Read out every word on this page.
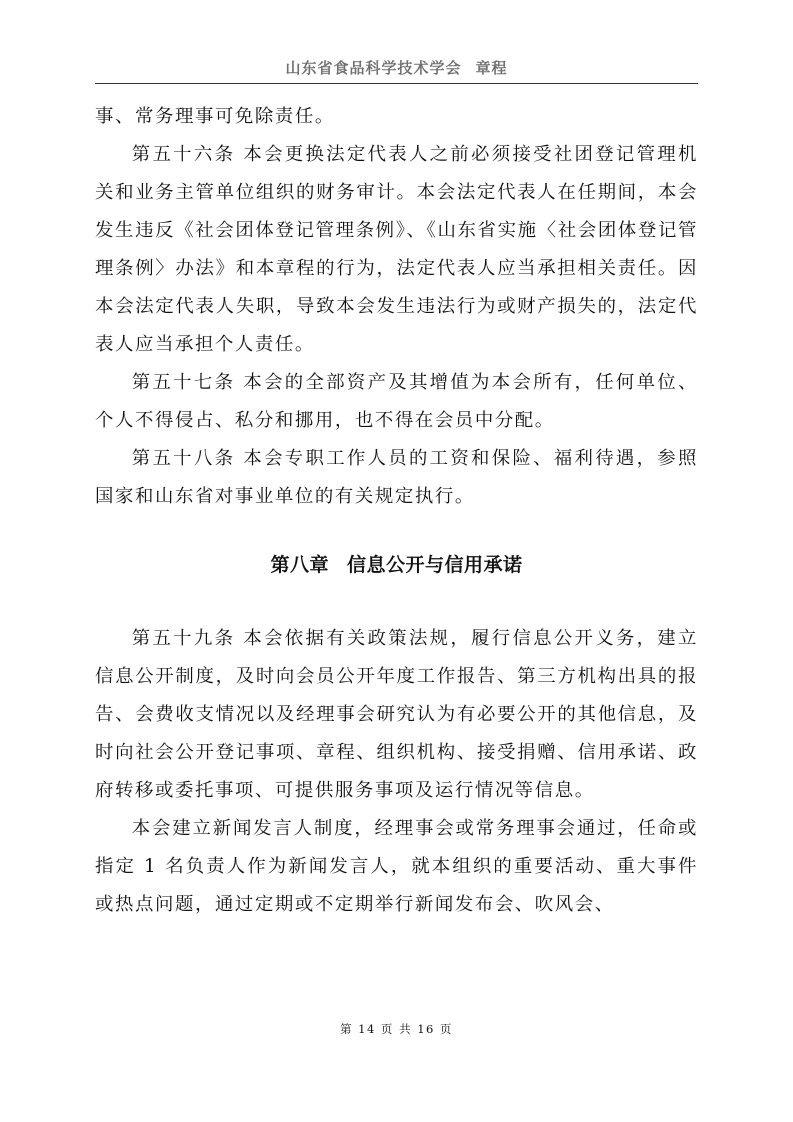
山东省食品科学技术学会 章程

事、常务理事可免除责任。

第五十六条 本会更换法定代表人之前必须接受社团登记管理机关和业务主管单位组织的财务审计。本会法定代表人在任期间，本会发生违反《社会团体登记管理条例》、《山东省实施〈社会团体登记管理条例〉办法》和本章程的行为，法定代表人应当承担相关责任。因本会法定代表人失职，导致本会发生违法行为或财产损失的，法定代表人应当承担个人责任。

第五十七条 本会的全部资产及其增值为本会所有，任何单位、个人不得侵占、私分和挪用，也不得在会员中分配。

第五十八条 本会专职工作人员的工资和保险、福利待遇，参照国家和山东省对事业单位的有关规定执行。

第八章 信息公开与信用承诺

第五十九条 本会依据有关政策法规，履行信息公开义务，建立信息公开制度，及时向会员公开年度工作报告、第三方机构出具的报告、会费收支情况以及经理事会研究认为有必要公开的其他信息，及时向社会公开登记事项、章程、组织机构、接受捐赠、信用承诺、政府转移或委托事项、可提供服务事项及运行情况等信息。

本会建立新闻发言人制度，经理事会或常务理事会通过，任命或指定 1 名负责人作为新闻发言人，就本组织的重要活动、重大事件或热点问题，通过定期或不定期举行新闻发布会、吹风会、

第 14 页 共 16 页
